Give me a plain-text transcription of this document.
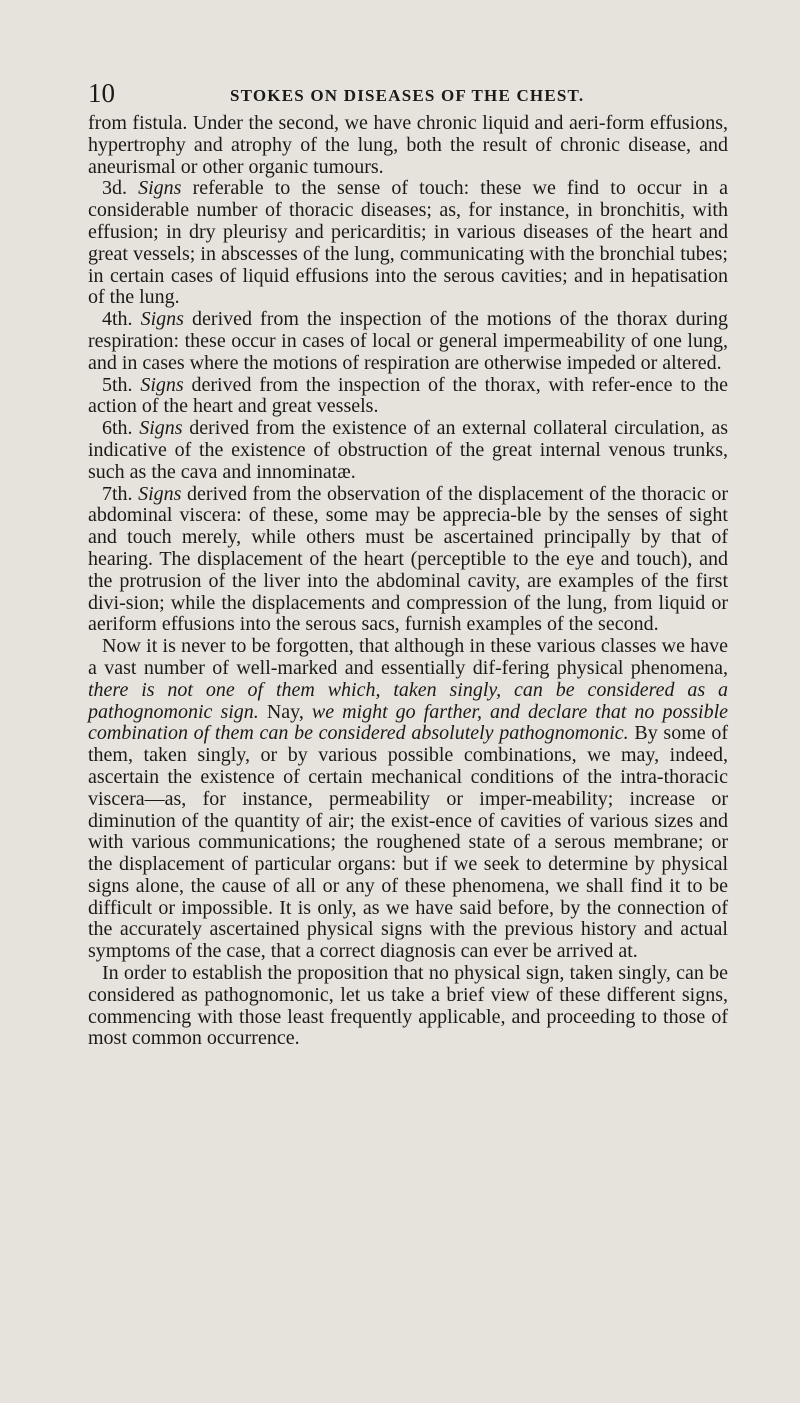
10	STOKES ON DISEASES OF THE CHEST.

from fistula. Under the second, we have chronic liquid and aeri-form effusions, hypertrophy and atrophy of the lung, both the result of chronic disease, and aneurismal or other organic tumours.

3d. Signs referable to the sense of touch: these we find to occur in a considerable number of thoracic diseases; as, for instance, in bronchitis, with effusion; in dry pleurisy and pericarditis; in various diseases of the heart and great vessels; in abscesses of the lung, communicating with the bronchial tubes; in certain cases of liquid effusions into the serous cavities; and in hepatisation of the lung.

4th. Signs derived from the inspection of the motions of the thorax during respiration: these occur in cases of local or general impermeability of one lung, and in cases where the motions of respiration are otherwise impeded or altered.

5th. Signs derived from the inspection of the thorax, with refer-ence to the action of the heart and great vessels.

6th. Signs derived from the existence of an external collateral circulation, as indicative of the existence of obstruction of the great internal venous trunks, such as the cava and innominatæ.

7th. Signs derived from the observation of the displacement of the thoracic or abdominal viscera: of these, some may be apprecia-ble by the senses of sight and touch merely, while others must be ascertained principally by that of hearing. The displacement of the heart (perceptible to the eye and touch), and the protrusion of the liver into the abdominal cavity, are examples of the first divi-sion; while the displacements and compression of the lung, from liquid or aeriform effusions into the serous sacs, furnish examples of the second.

Now it is never to be forgotten, that although in these various classes we have a vast number of well-marked and essentially dif-fering physical phenomena, there is not one of them which, taken singly, can be considered as a pathognomonic sign. Nay, we might go farther, and declare that no possible combination of them can be considered absolutely pathognomonic. By some of them, taken singly, or by various possible combinations, we may, indeed, ascertain the existence of certain mechanical conditions of the intra-thoracic viscera—as, for instance, permeability or imper-meability; increase or diminution of the quantity of air; the exist-ence of cavities of various sizes and with various communications; the roughened state of a serous membrane; or the displacement of particular organs: but if we seek to determine by physical signs alone, the cause of all or any of these phenomena, we shall find it to be difficult or impossible. It is only, as we have said before, by the connection of the accurately ascertained physical signs with the previous history and actual symptoms of the case, that a correct diagnosis can ever be arrived at.

In order to establish the proposition that no physical sign, taken singly, can be considered as pathognomonic, let us take a brief view of these different signs, commencing with those least frequently applicable, and proceeding to those of most common occurrence.
